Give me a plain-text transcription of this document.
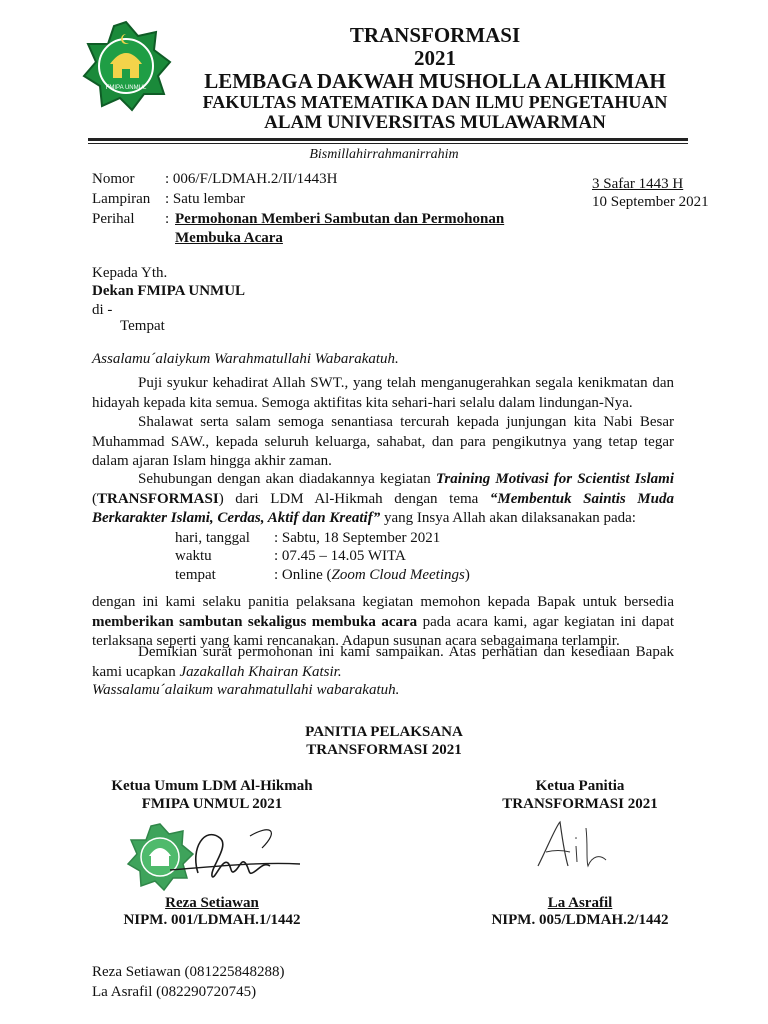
FMIPA UNMUL
TRANSFORMASI
2021
LEMBAGA DAKWAH MUSHOLLA ALHIKMAH
FAKULTAS MATEMATIKA DAN ILMU PENGETAHUAN
ALAM UNIVERSITAS MULAWARMAN
Bismillahirrahmanirrahim
Nomor : 006/F/LDMAH.2/II/1443H
Lampiran : Satu lembar
Perihal : Permohonan Memberi Sambutan dan Permohonan
Membuka Acara
3 Safar 1443 H
10 September 2021
Kepada Yth.
Dekan FMIPA UNMUL
di -
Tempat
Assalamu´alaiykum Warahmatullahi Wabarakatuh.
Puji syukur kehadirat Allah SWT., yang telah menganugerahkan segala kenikmatan dan hidayah kepada kita semua. Semoga aktifitas kita sehari-hari selalu dalam lindungan-Nya.
Shalawat serta salam semoga senantiasa tercurah kepada junjungan kita Nabi Besar Muhammad SAW., kepada seluruh keluarga, sahabat, dan para pengikutnya yang tetap tegar dalam ajaran Islam hingga akhir zaman.
Sehubungan dengan akan diadakannya kegiatan Training Motivasi for Scientist Islami (TRANSFORMASI) dari LDM Al-Hikmah dengan tema “Membentuk Saintis Muda Berkarakter Islami, Cerdas, Aktif dan Kreatif” yang Insya Allah akan dilaksanakan pada:
hari, tanggal : Sabtu, 18 September 2021
waktu	: 07.45 – 14.05 WITA
tempat	: Online (Zoom Cloud Meetings)
dengan ini kami selaku panitia pelaksana kegiatan memohon kepada Bapak untuk bersedia memberikan sambutan sekaligus membuka acara pada acara kami, agar kegiatan ini dapat terlaksana seperti yang kami rencanakan. Adapun susunan acara sebagaimana terlampir.
Demikian surat permohonan ini kami sampaikan. Atas perhatian dan kesediaan Bapak kami ucapkan Jazakallah Khairan Katsir.
Wassalamu´alaikum warahmatullahi wabarakatuh.
PANITIA PELAKSANA
TRANSFORMASI 2021
Ketua Umum LDM Al-Hikmah
FMIPA UNMUL 2021
Reza Setiawan
NIPM. 001/LDMAH.1/1442
Ketua Panitia
TRANSFORMASI 2021
La Asrafil
NIPM. 005/LDMAH.2/1442
Reza Setiawan (081225848288)
La Asrafil (082290720745)
